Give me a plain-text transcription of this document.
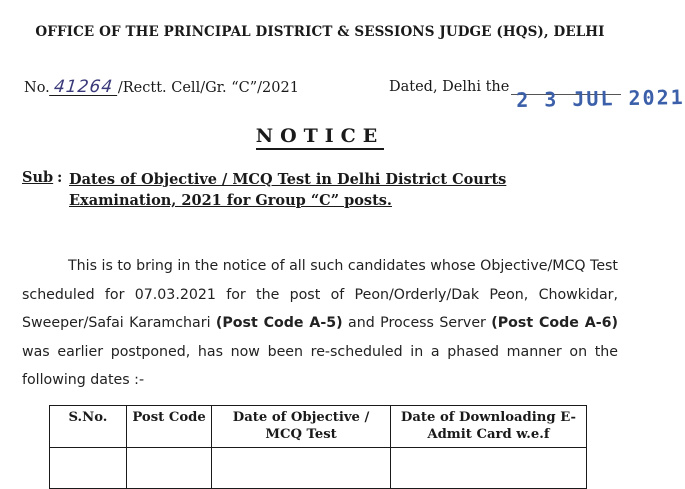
OFFICE OF THE PRINCIPAL DISTRICT & SESSIONS JUDGE (HQS), DELHI
No. 41264 /Rectt. Cell/Gr. “C”/2021	Dated, Delhi the 2 3 JUL 2021
NOTICE
Sub : Dates of Objective / MCQ Test in Delhi District Courts Examination, 2021 for Group “C” posts.
This is to bring in the notice of all such candidates whose Objective/MCQ Test scheduled for 07.03.2021 for the post of Peon/Orderly/Dak Peon, Chowkidar, Sweeper/Safai Karamchari (Post Code A-5) and Process Server (Post Code A-6) was earlier postponed, has now been re-scheduled in a phased manner on the following dates :-
S.No.	Post Code	Date of Objective / MCQ Test	Date of Downloading E-Admit Card w.e.f
